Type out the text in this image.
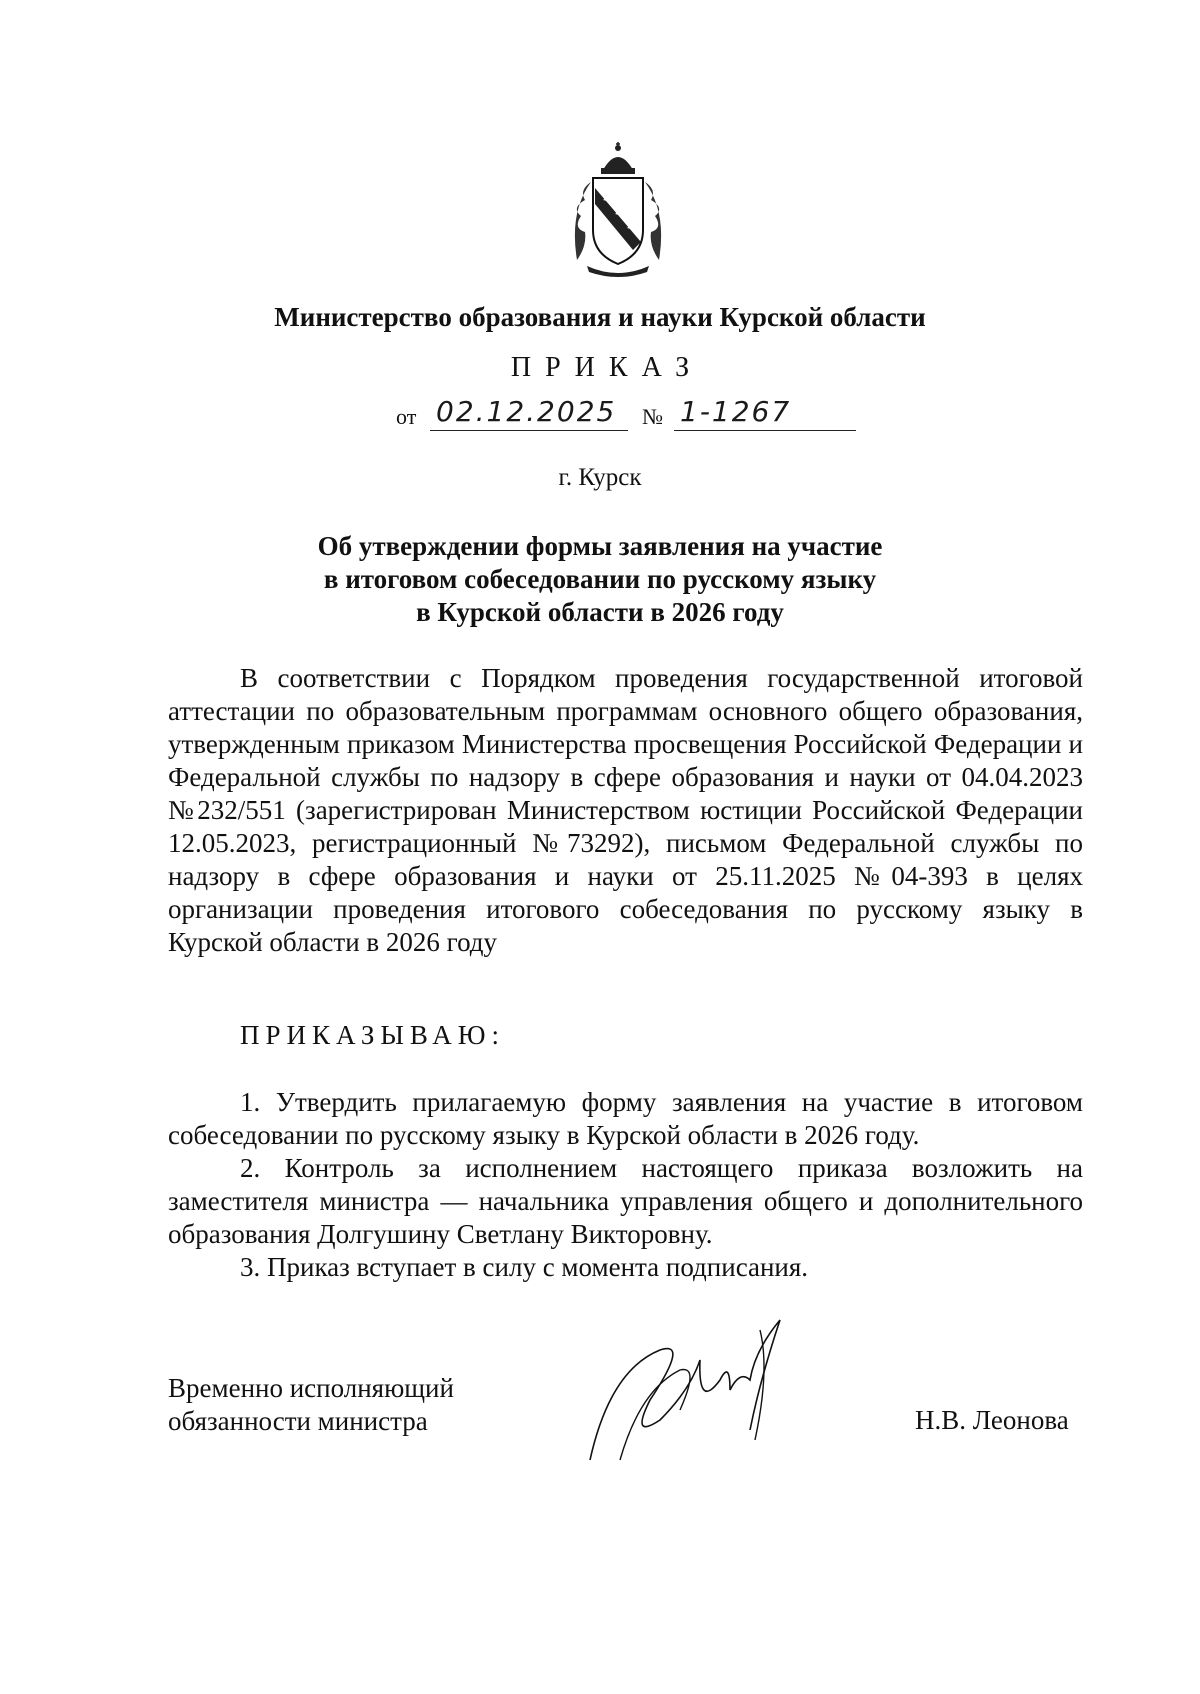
Министерство образования и науки Курской области
ПРИКАЗ
от 02.12.2025	№ 1-1267
г. Курск
Об утверждении формы заявления на участие
в итоговом собеседовании по русскому языку
в Курской области в 2026 году

В соответствии с Порядком проведения государственной итоговой аттестации по образовательным программам основного общего образования, утвержденным приказом Министерства просвещения Российской Федерации и Федеральной службы по надзору в сфере образования и науки от 04.04.2023 №232/551 (зарегистрирован Министерством юстиции Российской Федерации 12.05.2023, регистрационный №73292), письмом Федеральной службы по надзору в сфере образования и науки от 25.11.2025 №04-393 в целях организации проведения итогового собеседования по русскому языку в Курской области в 2026 году

ПРИКАЗЫВАЮ:

1. Утвердить прилагаемую форму заявления на участие в итоговом собеседовании по русскому языку в Курской области в 2026 году.

2. Контроль за исполнением настоящего приказа возложить на заместителя министра — начальника управления общего и дополнительного образования Долгушину Светлану Викторовну.

3. Приказ вступает в силу с момента подписания.

Временно исполняющий
обязанности министра	Н.В. Леонова
